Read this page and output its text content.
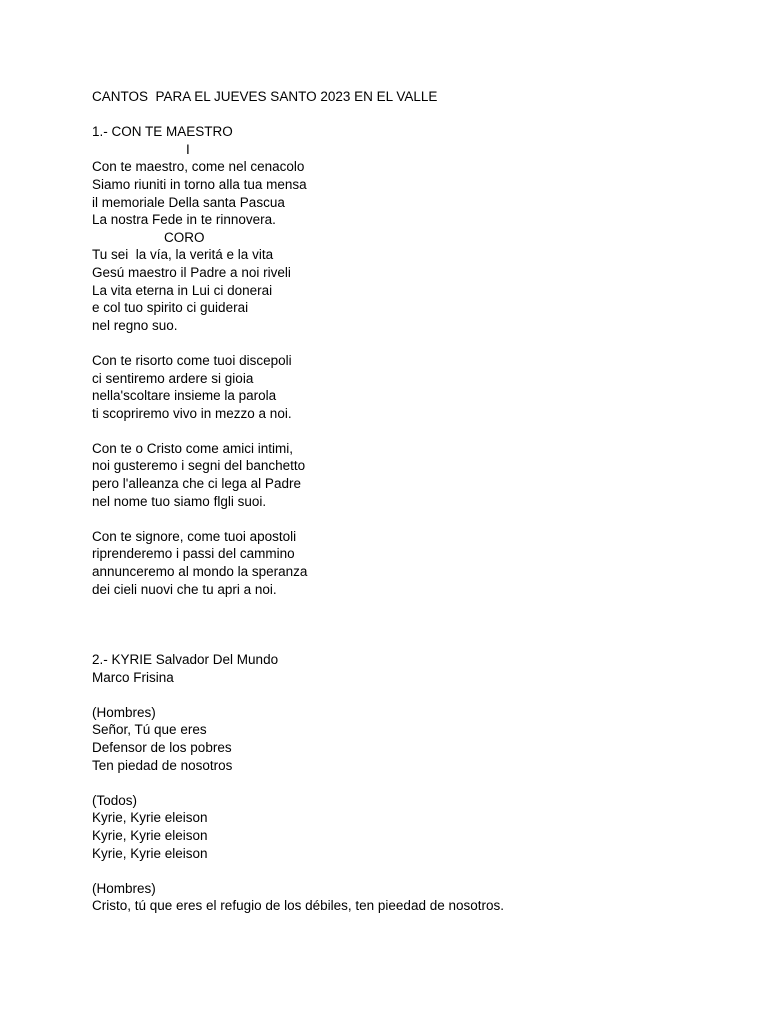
CANTOS  PARA EL JUEVES SANTO 2023 EN EL VALLE
1.- CON TE MAESTRO
I
Con te maestro, come nel cenacolo
Siamo riuniti in torno alla tua mensa
il memoriale Della santa Pascua
La nostra Fede in te rinnovera.
CORO
Tu sei  la vía, la veritá e la vita
Gesú maestro il Padre a noi riveli
La vita eterna in Lui ci donerai
e col tuo spirito ci guiderai
nel regno suo.
Con te risorto come tuoi discepoli
ci sentiremo ardere si gioia
nella'scoltare insieme la parola
ti scopriremo vivo in mezzo a noi.
Con te o Cristo come amici intimi,
noi gusteremo i segni del banchetto
pero l'alleanza che ci lega al Padre
nel nome tuo siamo flgli suoi.
Con te signore, come tuoi apostoli
riprenderemo i passi del cammino
annunceremo al mondo la speranza
dei cieli nuovi che tu apri a noi.
2.- KYRIE Salvador Del Mundo
Marco Frisina
(Hombres)
Señor, Tú que eres
Defensor de los pobres
Ten piedad de nosotros
(Todos)
Kyrie, Kyrie eleison
Kyrie, Kyrie eleison
Kyrie, Kyrie eleison
(Hombres)
Cristo, tú que eres el refugio de los débiles, ten pieedad de nosotros.
